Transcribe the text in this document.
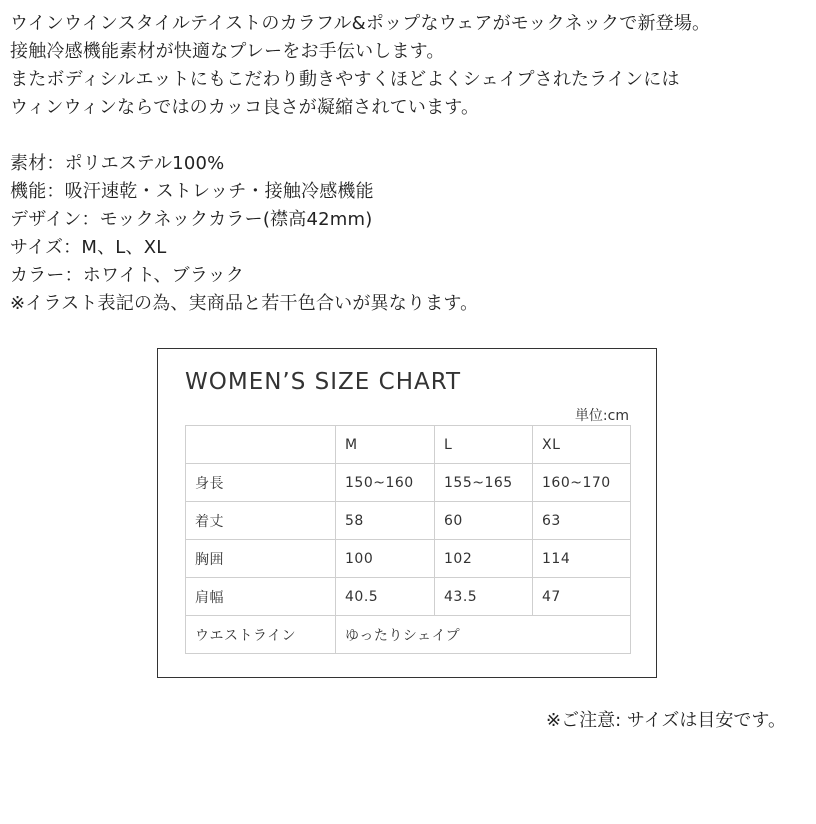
ウインウインスタイルテイストのカラフル&ポップなウェアがモックネックで新登場。
接触冷感機能素材が快適なプレーをお手伝いします。
またボディシルエットにもこだわり動きやすくほどよくシェイプされたラインには
ウィンウィンならではのカッコ良さが凝縮されています。
素材：ポリエステル100%
機能：吸汗速乾・ストレッチ・接触冷感機能
デザイン：モックネックカラー(襟高42mm)
サイズ：M、L、XL
カラー：ホワイト、ブラック
※イラスト表記の為、実商品と若干色合いが異なります。
WOMEN’S SIZE CHART
単位:cm
	M	L	XL
身長	150~160	155~165	160~170
着丈	58	60	63
胸囲	100	102	114
肩幅	40.5	43.5	47
ウエストライン	ゆったりシェイプ		
※ご注意: サイズは目安です。
